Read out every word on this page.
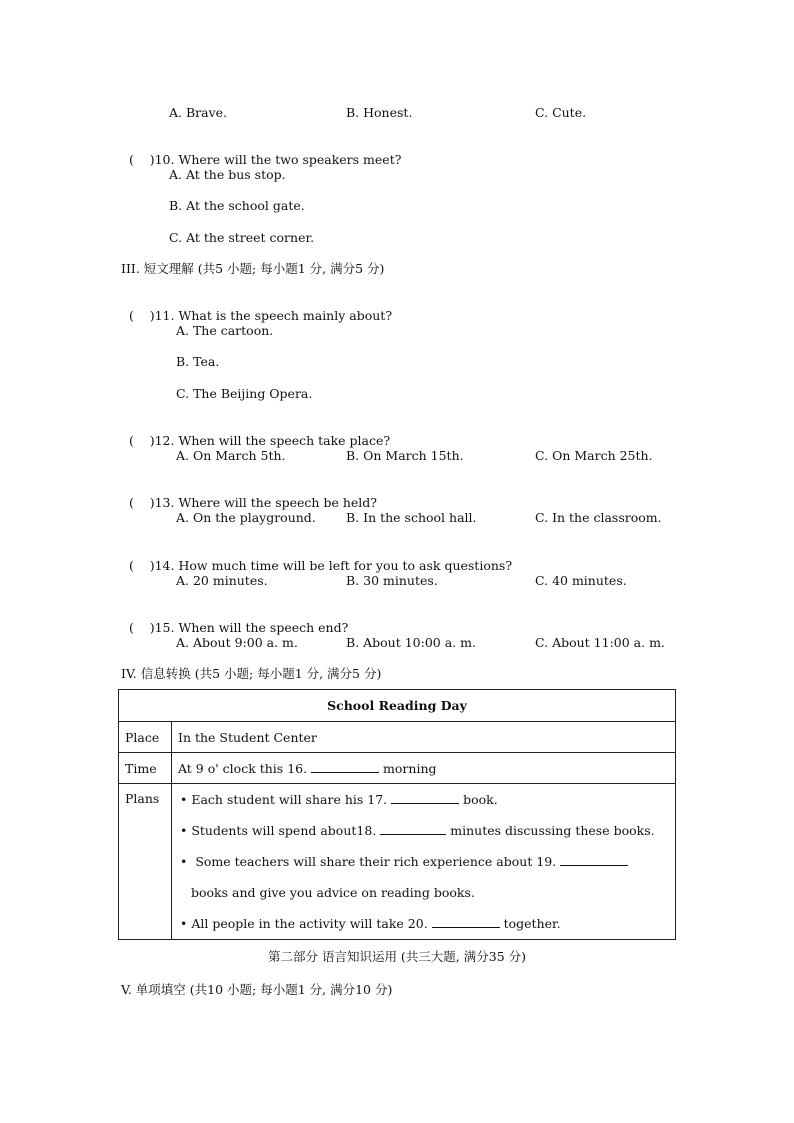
A. Brave.	B. Honest.	C. Cute.

(    )10. Where will the two speakers meet?

A. At the bus stop.
B. At the school gate.
C. At the street corner.
III. 短文理解 (共5 小题; 每小题1 分, 满分5 分)

(    )11. What is the speech mainly about?

A. The cartoon.
B. Tea.
C. The Beijing Opera.

(    )12. When will the speech take place?

A. On March 5th.	B. On March 15th.	C. On March 25th.

(    )13. Where will the speech be held?

A. On the playground. B. In the school hall.	C. In the classroom.

(    )14. How much time will be left for you to ask questions?

A. 20 minutes.	B. 30 minutes.	C. 40 minutes.

(    )15. When will the speech end?

A. About 9:00 a. m.	B. About 10:00 a. m.	C. About 11:00 a. m.
IV. 信息转换 (共5 小题; 每小题1 分, 满分5 分)
School Reading Day	
Place	In the Student Center
Time	At 9 o' clock this 16. morning
Plans	• Each student will share his 17. book.
• Students will spend about18. minutes discussing these books.
•  Some teachers will share their rich experience about 19.
books and give you advice on reading books.
• All people in the activity will take 20. together.
第二部分 语言知识运用 (共三大题, 满分35 分)
V. 单项填空 (共10 小题; 每小题1 分, 满分10 分)
